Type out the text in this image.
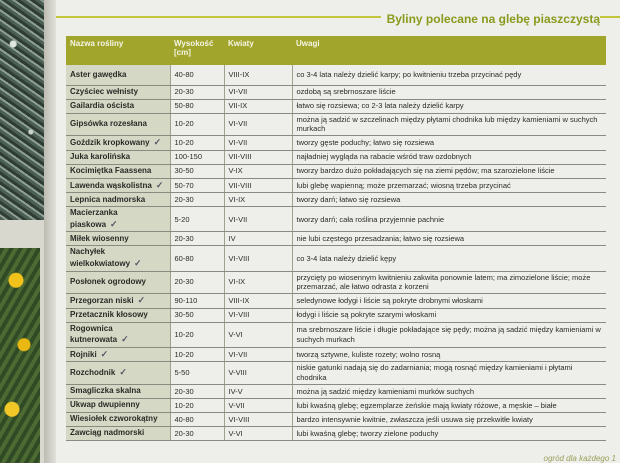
Byliny polecane na glebę piaszczystą
Nazwa rośliny	Wysokość [cm]	Kwiaty	Uwagi
Aster gawędka	40-80	VIII-IX	co 3-4 lata należy dzielić karpy; po kwitnieniu trzeba przycinać pędy
Czyściec wełnisty	20-30	VI-VII	ozdobą są srebrnoszare liście
Gailardia oścista	50-80	VII-IX	łatwo się rozsiewa; co 2-3 lata należy dzielić karpy
Gipsówka rozesłana	10-20	VI-VII	można ją sadzić w szczelinach między płytami chodnika lub między kamieniami w suchych murkach
Goździk kropkowany ✓	10-20	VI-VII	tworzy gęste poduchy; łatwo się rozsiewa
Juka karolińska	100-150	VII-VIII	najładniej wygląda na rabacie wśród traw ozdobnych
Kocimiętka Faassena	30-50	V-IX	tworzy bardzo dużo pokładających się na ziemi pędów; ma szarozielone liście
Lawenda wąskolistna ✓	50-70	VII-VIII	lubi glebę wapienną; może przemarzać; wiosną trzeba przycinać
Lepnica nadmorska	20-30	VI-IX	tworzy darń; łatwo się rozsiewa
Macierzanka piaskowa ✓	5-20	VI-VII	tworzy darń; cała roślina przyjemnie pachnie
Miłek wiosenny	20-30	IV	nie lubi częstego przesadzania; łatwo się rozsiewa
Nachyłek wielkokwiatowy ✓	60-80	VI-VIII	co 3-4 lata należy dzielić kępy
Posłonek ogrodowy	20-30	VI-IX	przycięty po wiosennym kwitnieniu zakwita ponownie latem; ma zimozielone liście; może przemarzać, ale łatwo odrasta z korzeni
Przegorzan niski ✓	90-110	VIII-IX	seledynowe łodygi i liście są pokryte drobnymi włoskami
Przetacznik kłosowy	30-50	VI-VIII	łodygi i liście są pokryte szarymi włoskami
Rogownica kutnerowata ✓	10-20	V-VI	ma srebrnoszare liście i długie pokładające się pędy; można ją sadzić między kamieniami w suchych murkach
Rojniki ✓	10-20	VI-VII	tworzą sztywne, kuliste rozety; wolno rosną
Rozchodnik ✓	5-50	V-VIII	niskie gatunki nadają się do zadarniania; mogą rosnąć między kamieniami i płytami chodnika
Smagliczka skalna	20-30	IV-V	można ją sadzić między kamieniami murków suchych
Ukwap dwupienny	10-20	V-VII	lubi kwaśną glebę; egzemplarze żeńskie mają kwiaty różowe, a męskie – białe
Wiesiołek czworokątny	40-80	VI-VIII	bardzo intensywnie kwitnie, zwłaszcza jeśli usuwa się przekwitłe kwiaty
Zawciąg nadmorski	20-30	V-VI	lubi kwaśną glebę; tworzy zielone poduchy
ogród dla każdego 1
